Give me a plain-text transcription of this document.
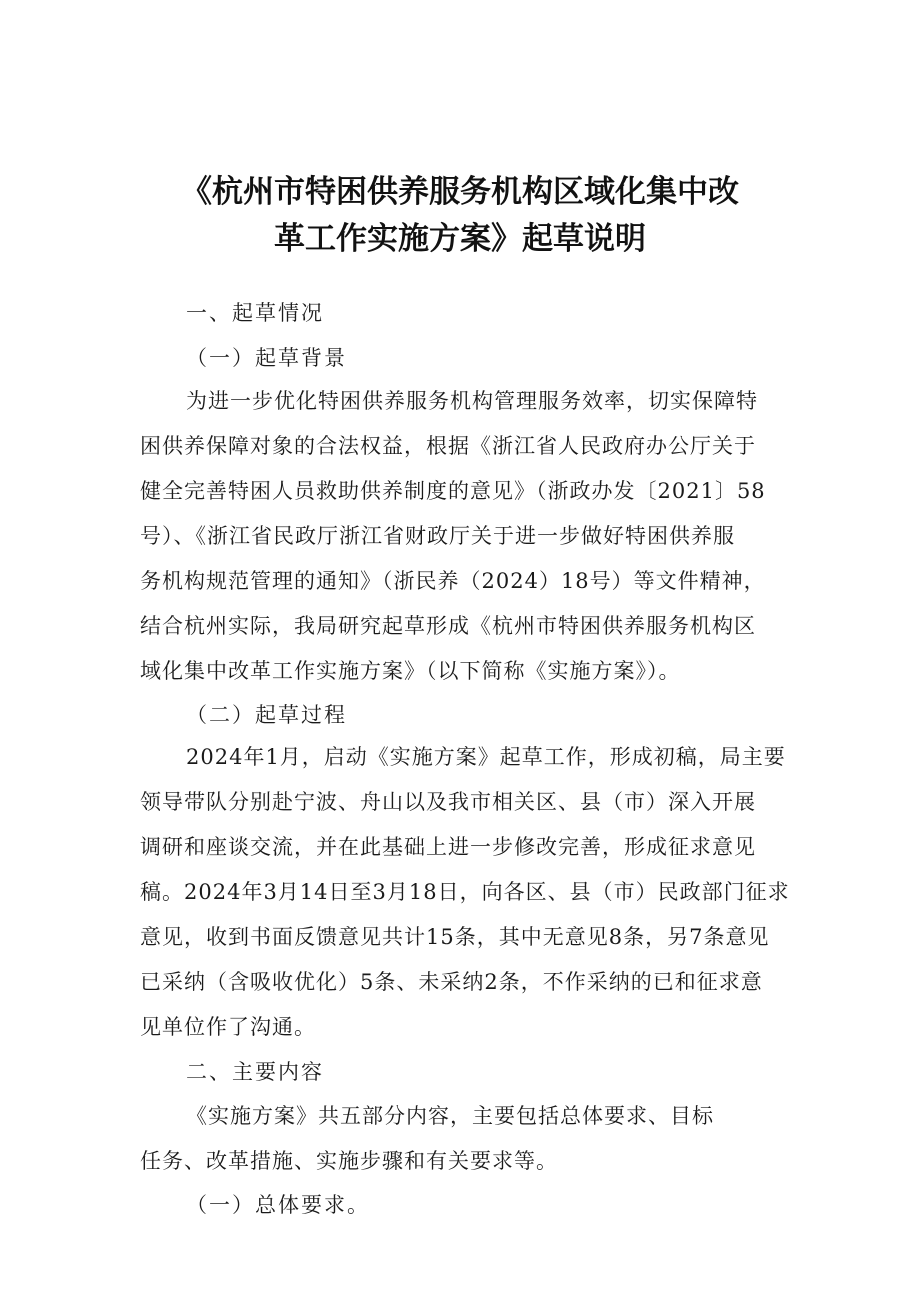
《杭州市特困供养服务机构区域化集中改
革工作实施方案》起草说明
一、起草情况
（一）起草背景
为进一步优化特困供养服务机构管理服务效率，切实保障特
困供养保障对象的合法权益，根据《浙江省人民政府办公厅关于
健全完善特困人员救助供养制度的意见》（浙政办发〔2021〕58
号）、《浙江省民政厅浙江省财政厅关于进一步做好特困供养服
务机构规范管理的通知》（浙民养（2024）18号）等文件精神，
结合杭州实际，我局研究起草形成《杭州市特困供养服务机构区
域化集中改革工作实施方案》（以下简称《实施方案》）。
（二）起草过程
2024年1月，启动《实施方案》起草工作，形成初稿，局主要
领导带队分别赴宁波、舟山以及我市相关区、县（市）深入开展
调研和座谈交流，并在此基础上进一步修改完善，形成征求意见
稿。2024年3月14日至3月18日，向各区、县（市）民政部门征求
意见，收到书面反馈意见共计15条，其中无意见8条，另7条意见
已采纳（含吸收优化）5条、未采纳2条，不作采纳的已和征求意
见单位作了沟通。
二、主要内容
《实施方案》共五部分内容，主要包括总体要求、目标
任务、改革措施、实施步骤和有关要求等。
（一）总体要求。
